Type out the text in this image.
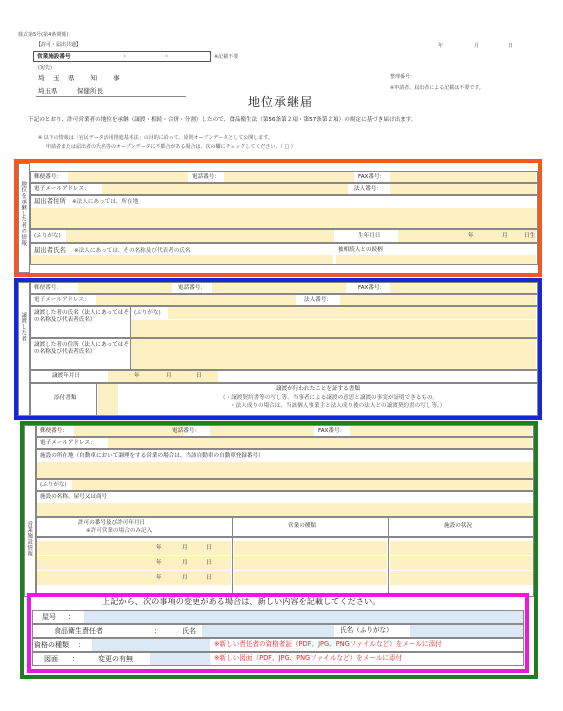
様式第5号(第4条関係)
【許可・届出共通】
営業施設番号	・	・	※記載不要
(宛先)
埼　玉　県　　知　　事
埼玉県　　　保健所長
年	月	日
整理番号：
※申請者、届出者による記載は不要です。
地位承継届
下記のとおり、許可営業者の地位を承継（譲渡・相続・合併・分割）したので、食品衛生法（第56条第２項・第57条第２項）の規定に基づき届け出ます。
※ 以下の情報は「官民データ活用推進基本法」の目的に沿って、原則オープンデータとして公開します。
申請者または届出者の氏名等のオープンデータに不都合がある場合は、次の欄にチェックしてください。（ □ ）
地位を承継した者の情報
郵便番号：	電話番号：	FAX番号：
電子メールアドレス：	法人番号：
届出者住所 ※法人にあっては、所在地
(ふりがな)	生年月日	年	月	日生
届出者氏名 ※法人にあっては、その名称及び代表者の氏名	被相続人との続柄
譲渡した者
郵便番号：	電話番号：	FAX番号：
電子メールアドレス：	法人番号：
譲渡した者の氏名（法人にあってはその名称及び代表者氏名）
(ふりがな)
譲渡した者の住所（法人にあってはその名称及び代表者氏名）
譲渡年月日	年	月	日
添付書類
譲渡が行われたことを証する書類
（・譲渡契約書等の写し等、当事者による譲渡の意思と譲渡の事実が証明できるもの。
・法人成りの場合は、当該個人事業主と法人成り後の法人との譲渡契約書の写し等。）
営業施設情報
郵便番号：	電話番号：	FAX番号：
電子メールアドレス：
施設の所在地（自動車において調理をする営業の場合は、当該自動車の自動車登録番号）
(ふりがな)
施設の名称、屋号又は商号
許可の番号及び許可年月日
※許可営業の場合のみ記入
営業の種類	施設の状況
年	月	日
年	月	日
年	月	日
上記から、次の事項の変更がある場合は、新しい内容を記載してください。
屋号 ：
食品衛生責任者	：	氏名	氏名（ふりがな）
資格の種類 ：	※新しい責任者の資格者証（PDF、JPG、PNGファイルなど）をメールに添付
図面 ：	変更の有無	※新しい図面（PDF、JPG、PNGファイルなど）をメールに添付
